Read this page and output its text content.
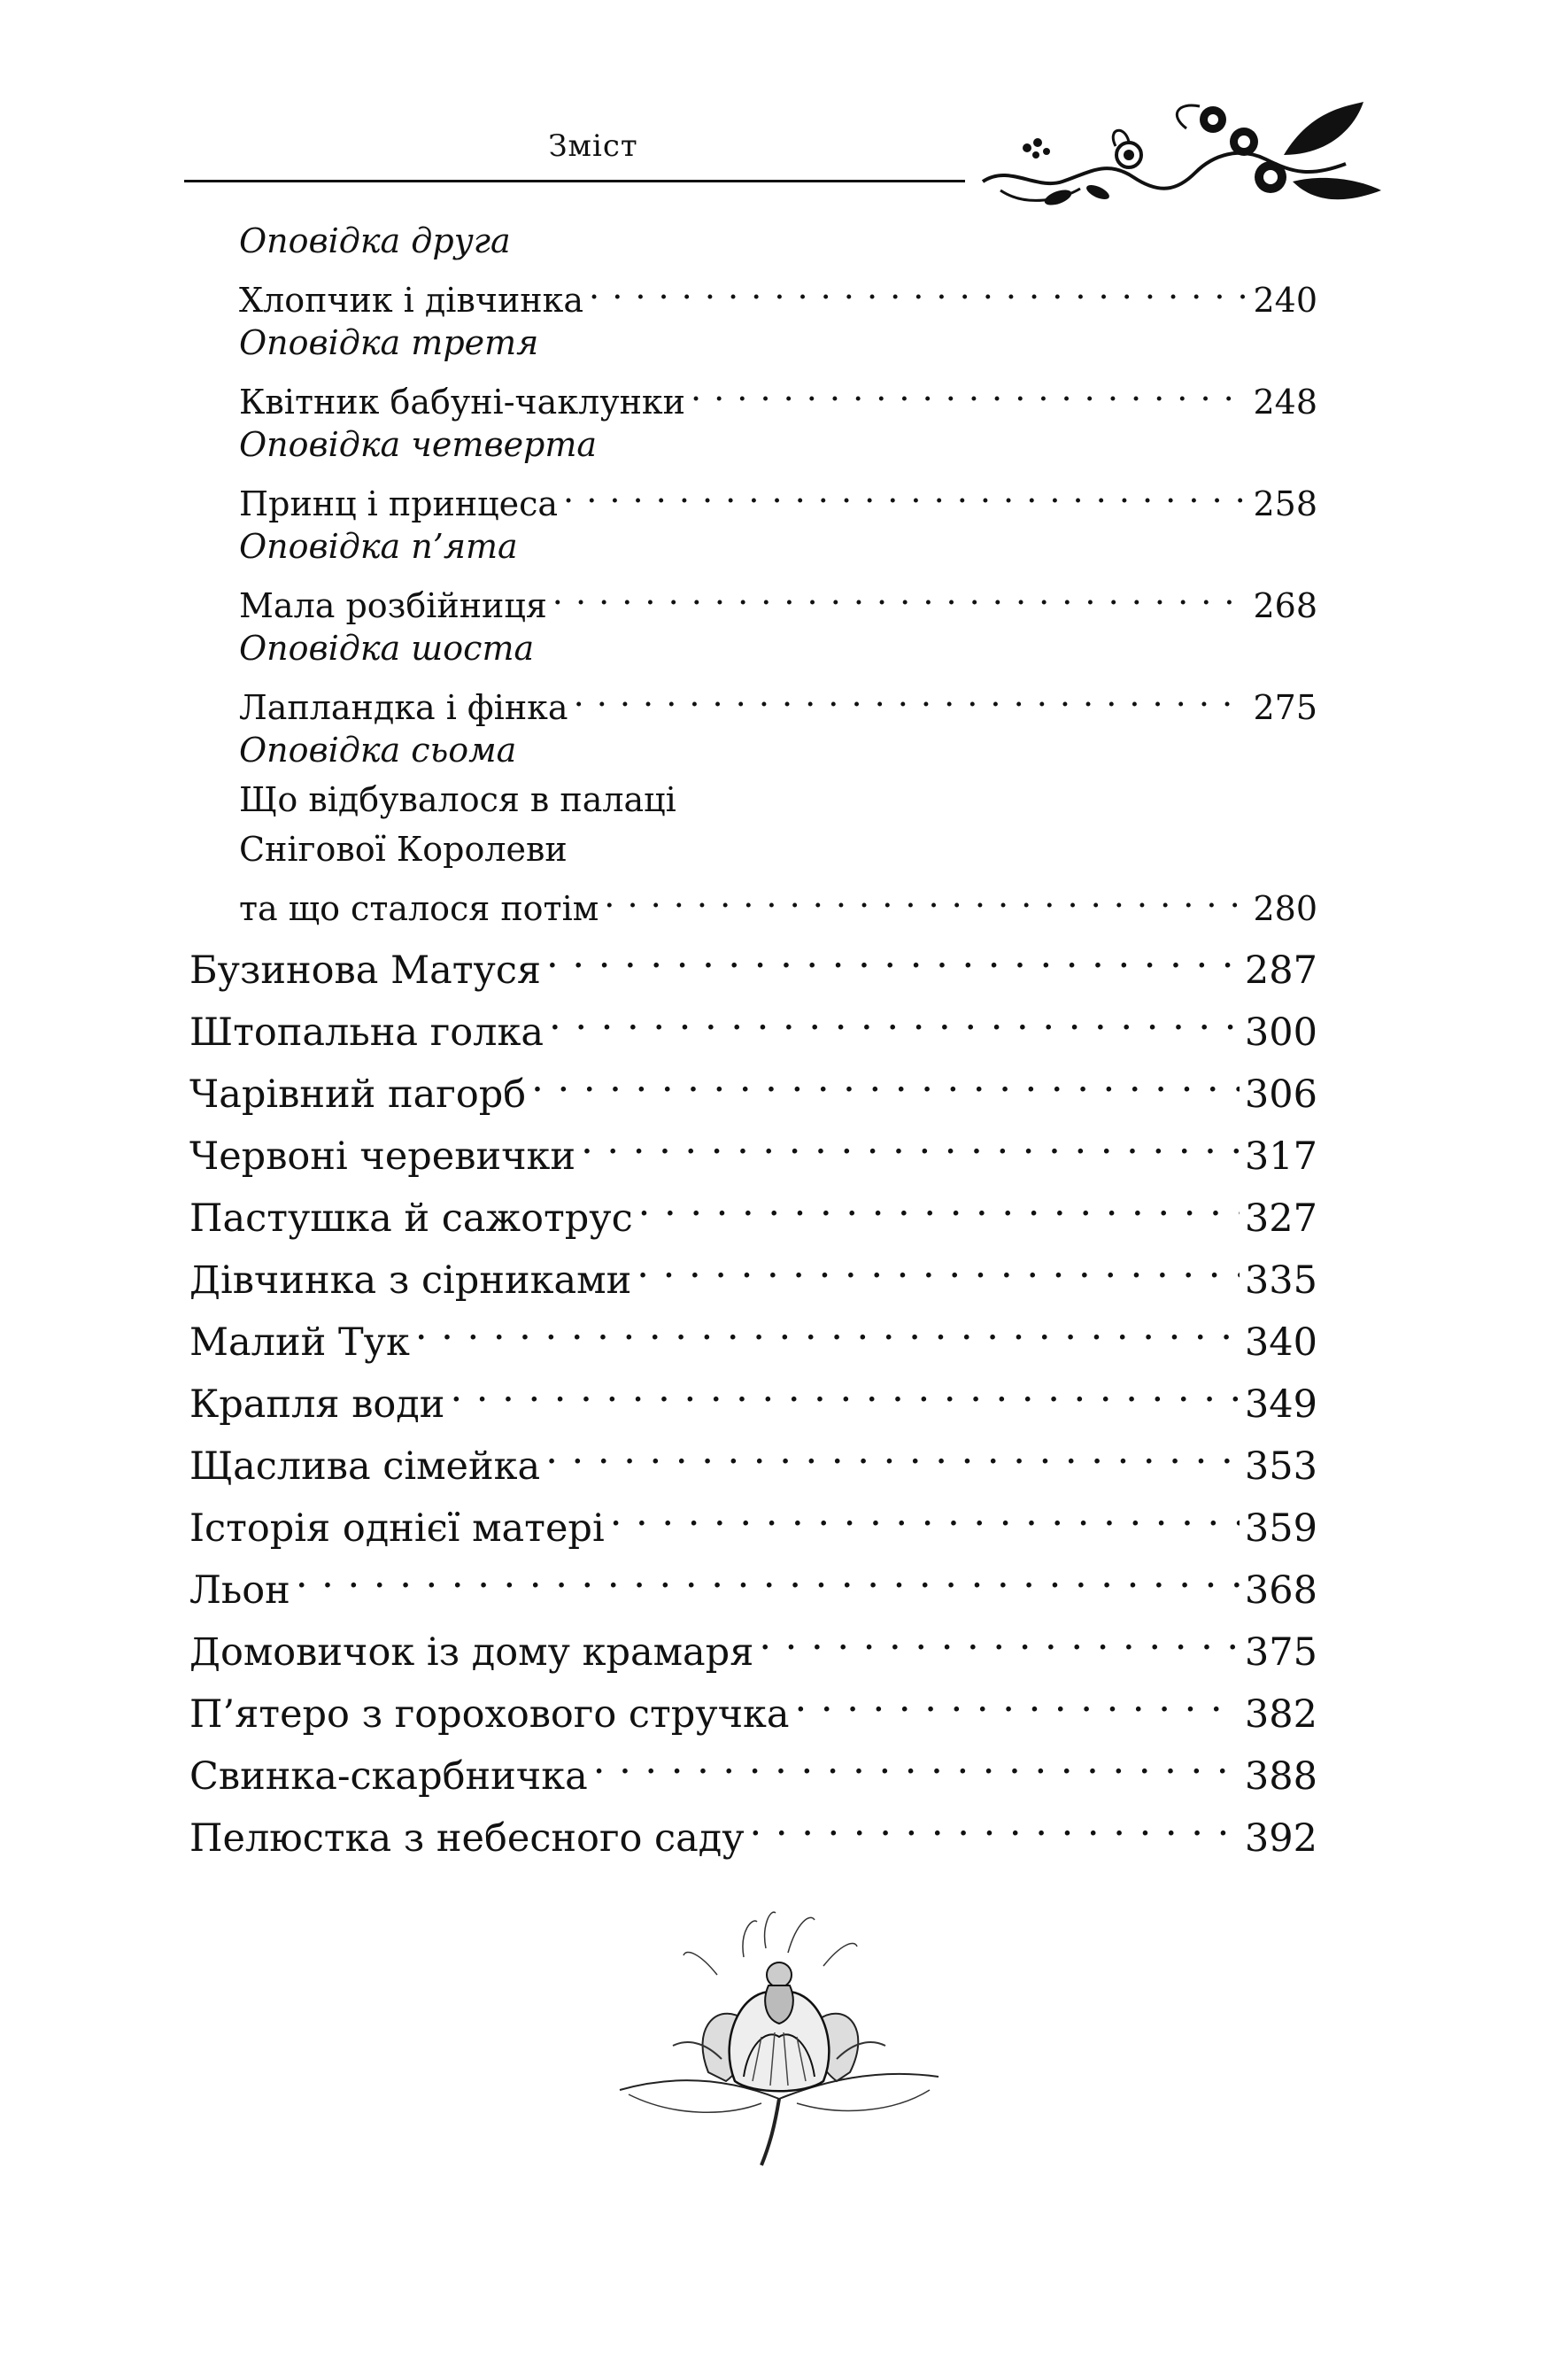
Зміст
Оповідка друга
Хлопчик і дівчинка . . .	240
Оповідка третя
Квітник бабуні-чаклунки . . .	248
Оповідка четверта
Принц і принцеса . . .	258
Оповідка п’ята
Мала розбійниця . . .	268
Оповідка шоста
Лапландка і фінка . . .	275
Оповідка сьома
Що відбувалося в палаці
Снігової Королеви
та що сталося потім . . .	280
Бузинова Матуся . . .	287
Штопальна голка . . .	300
Чарівний пагорб . . .	306
Червоні черевички . . .	317
Пастушка й сажотрус . . .	327
Дівчинка з сірниками . . .	335
Малий Тук . . .	340
Крапля води . . .	349
Щаслива сімейка . . .	353
Історія однієї матері . . .	359
Льон . . .	368
Домовичок із дому крамаря . . .	375
П’ятеро з горохового стручка . . .	382
Свинка-скарбничка . . .	388
Пелюстка з небесного саду . . .	392
